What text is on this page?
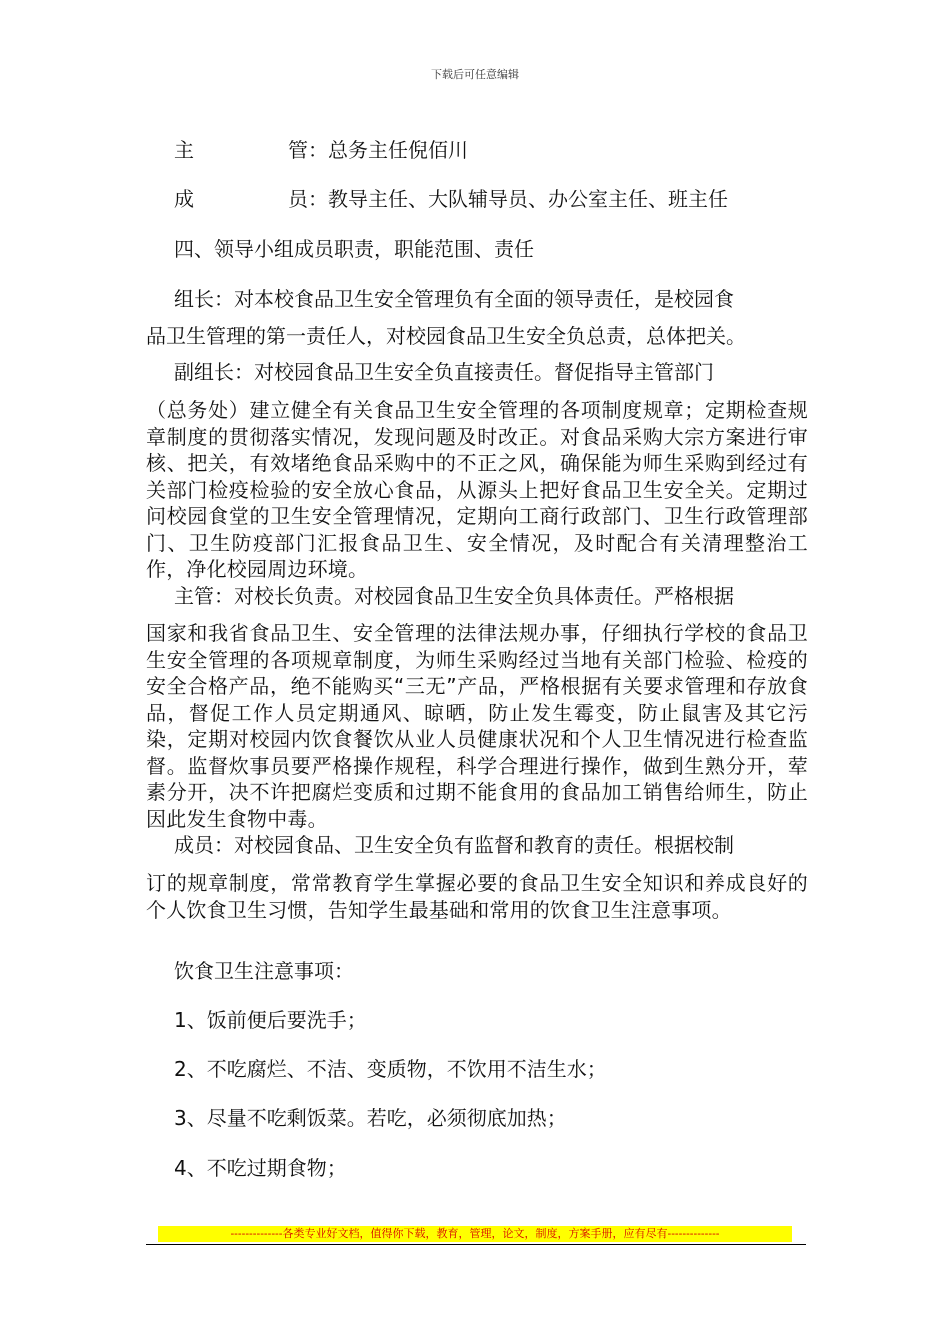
下载后可任意编辑
主	管：总务主任倪佰川
成	员：教导主任、大队辅导员、办公室主任、班主任
四、领导小组成员职责，职能范围、责任
组长：对本校食品卫生安全管理负有全面的领导责任，是校园食
品卫生管理的第一责任人，对校园食品卫生安全负总责，总体把关。
副组长：对校园食品卫生安全负直接责任。督促指导主管部门
（总务处）建立健全有关食品卫生安全管理的各项制度规章；定期检查规章制度的贯彻落实情况，发现问题及时改正。对食品采购大宗方案进行审核、把关，有效堵绝食品采购中的不正之风，确保能为师生采购到经过有关部门检疫检验的安全放心食品，从源头上把好食品卫生安全关。定期过问校园食堂的卫生安全管理情况，定期向工商行政部门、卫生行政管理部门、卫生防疫部门汇报食品卫生、安全情况，及时配合有关清理整治工作，净化校园周边环境。
主管：对校长负责。对校园食品卫生安全负具体责任。严格根据
国家和我省食品卫生、安全管理的法律法规办事，仔细执行学校的食品卫生安全管理的各项规章制度，为师生采购经过当地有关部门检验、检疫的安全合格产品，绝不能购买“三无”产品，严格根据有关要求管理和存放食品，督促工作人员定期通风、晾晒，防止发生霉变，防止鼠害及其它污染，定期对校园内饮食餐饮从业人员健康状况和个人卫生情况进行检查监督。监督炊事员要严格操作规程，科学合理进行操作，做到生熟分开，荤素分开，决不许把腐烂变质和过期不能食用的食品加工销售给师生，防止因此发生食物中毒。
成员：对校园食品、卫生安全负有监督和教育的责任。根据校制
订的规章制度，常常教育学生掌握必要的食品卫生安全知识和养成良好的个人饮食卫生习惯，告知学生最基础和常用的饮食卫生注意事项。
饮食卫生注意事项：
1、饭前便后要洗手；
2、不吃腐烂、不洁、变质物，不饮用不洁生水；
3、尽量不吃剩饭菜。若吃，必须彻底加热；
4、不吃过期食物；
--------------各类专业好文档，值得你下载，教育，管理，论文，制度，方案手册，应有尽有--------------
